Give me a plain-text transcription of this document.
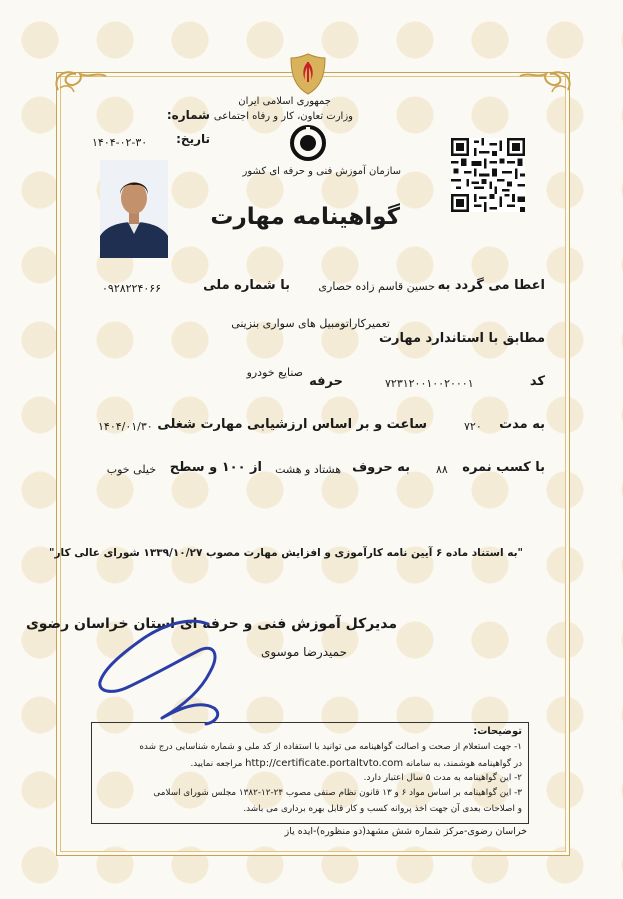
جمهوری اسلامی ایران
وزارت تعاون، کار و رفاه اجتماعی
سازمان آموزش فنی و حرفه ای کشور
شماره:
تاریخ:
۱۴۰۴-۰۲-۳۰
گواهینامه مهارت
اعطا می گردد به
حسین قاسم زاده حصاری
با شماره ملی
۰۹۲۸۲۲۴۰۶۶
تعمیرکاراتومبیل های سواری بنزینی
مطابق با استاندارد مهارت
صنایع خودرو
کد
۷۲۳۱۲۰۰۱۰۰۲۰۰۰۱
حرفه
به مدت
۷۲۰
ساعت و بر اساس ارزشیابی مهارت شغلی
۱۴۰۴/۰۱/۳۰
با کسب نمره
۸۸
به حروف
هشتاد و هشت
از ۱۰۰ و سطح
خیلی خوب
"به استناد ماده ۶ آیین نامه کارآموزی و افزایش مهارت مصوب ۱۳۳۹/۱۰/۲۷ شورای عالی کار"
مدیرکل آموزش فنی و حرفه ای استان خراسان رضوی
حمیدرضا موسوی
توضیحات:
۱- جهت استعلام از صحت و اصالت گواهینامه می توانید با استفاده از کد ملی و شماره شناسایی درج شده
در گواهینامه هوشمند، به سامانه http://certificate.portaltvto.com مراجعه نمایید.
۲- این گواهینامه به مدت ۵ سال اعتبار دارد.
۳- این گواهینامه بر اساس مواد ۶ و ۱۳ قانون نظام صنفی مصوب ۲۴-۱۲-۱۳۸۲ مجلس شورای اسلامی
و اصلاحات بعدی آن جهت اخذ پروانه کسب و کار قابل بهره برداری می باشد.
خراسان رضوی-مرکز شماره شش مشهد(دو منظوره)-ایده یاز
